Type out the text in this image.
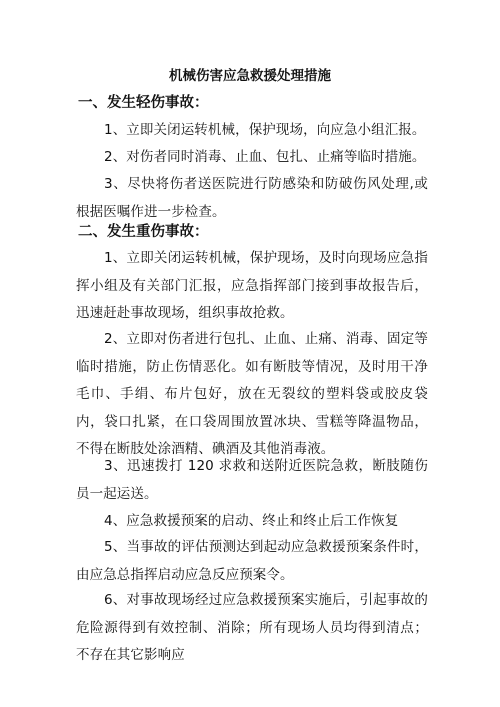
机械伤害应急救援处理措施
一、发生轻伤事故：
1、立即关闭运转机械，保护现场，向应急小组汇报。
2、对伤者同时消毒、止血、包扎、止痛等临时措施。
3、尽快将伤者送医院进行防感染和防破伤风处理,或根据医嘱作进一步检查。
二、发生重伤事故：
1、立即关闭运转机械，保护现场，及时向现场应急指挥小组及有关部门汇报，应急指挥部门接到事故报告后，迅速赶赴事故现场，组织事故抢救。
2、立即对伤者进行包扎、止血、止痛、消毒、固定等临时措施，防止伤情恶化。如有断肢等情况，及时用干净毛巾、手绢、布片包好，放在无裂纹的塑料袋或胶皮袋内，袋口扎紧，在口袋周围放置冰块、雪糕等降温物品，不得在断肢处涂酒精、碘酒及其他消毒液。
3、迅速拨打 120 求救和送附近医院急救，断肢随伤员一起运送。
4、应急救援预案的启动、终止和终止后工作恢复
5、当事故的评估预测达到起动应急救援预案条件时，由应急总指挥启动应急反应预案令。
6、对事故现场经过应急救援预案实施后，引起事故的危险源得到有效控制、消除；所有现场人员均得到清点；不存在其它影响应
